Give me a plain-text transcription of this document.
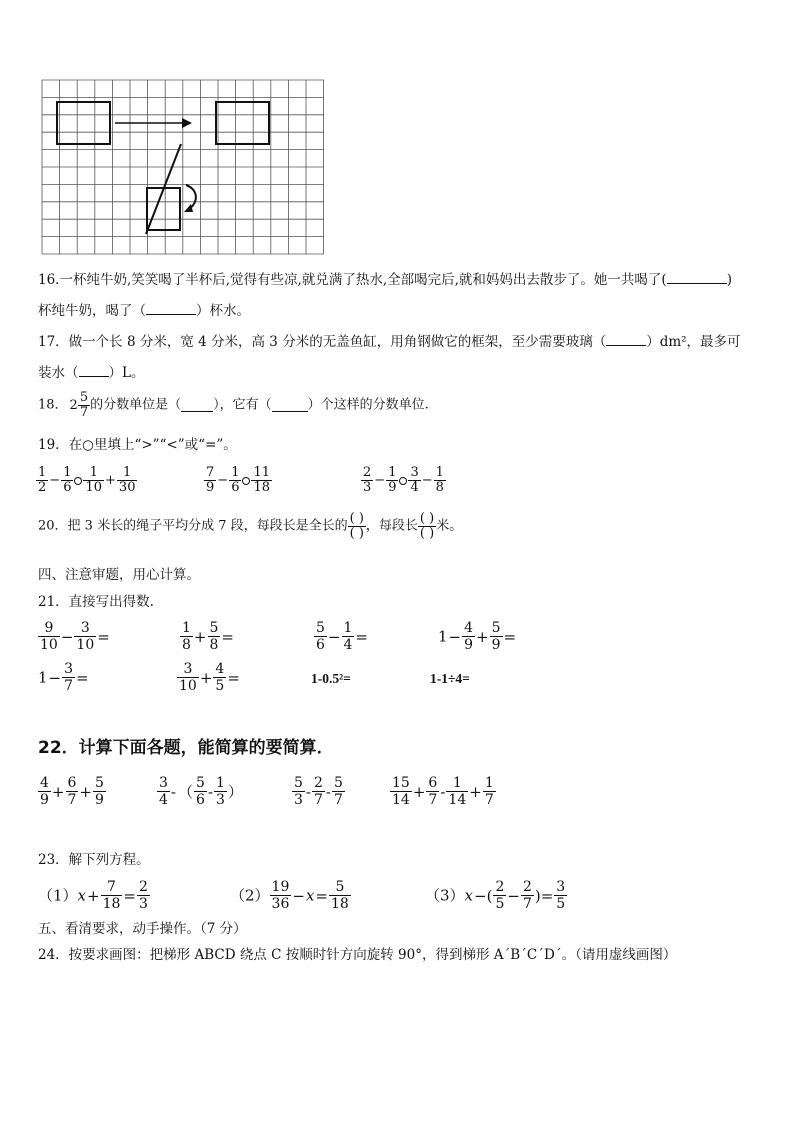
16.一杯纯牛奶,笑笑喝了半杯后,觉得有些凉,就兑满了热水,全部喝完后,就和妈妈出去散步了。她一共喝了(	)
杯纯牛奶，喝了（	）杯水。
17．做一个长 8 分米，宽 4 分米，高 3 分米的无盖鱼缸，用角钢做它的框架，至少需要玻璃（	）dm²，最多可
装水（ ）L。
18． $2 \frac{5}{7}$ 的分数单位是（ ），它有（	）个这样的分数单位.
19．在○里填上“>”“<”或“=”。
$\frac{1}{2} - \frac{1}{6} \frac{1}{10} + \frac{1}{30}$	$\frac{7}{9} - \frac{1}{6} \frac{11}{18}$	$\frac{2}{3} - \frac{1}{9} \frac{3}{4} - \frac{1}{8}$
20．把 3 米长的绳子平均分成 7 段，每段长是全长的 $\frac{( )}{( )}$ ，每段长 $\frac{( )}{( )}$ 米。
四、注意审题，用心计算。
21．直接写出得数.
$\frac{9}{10} - \frac{3}{10}$ =	$\frac{1}{8} + \frac{5}{8}$ =	$\frac{5}{6} - \frac{1}{4}$ =	$1- \frac{4}{9} + \frac{5}{9}$ =
$1- \frac{3}{7}$ =	$\frac{3}{10} + \frac{4}{5}$ =	1-0.5²=	1-1÷4=
22．计算下面各题，能简算的要简算．
$\frac{4}{9} + \frac{6}{7} + \frac{5}{9}$	$\frac{3}{4}$ - （ $\frac{5}{6} - \frac{1}{3}$ ）	$\frac{5}{3} - \frac{2}{7} - \frac{5}{7}$	$\frac{15}{14} + \frac{6}{7} - \frac{1}{14} + \frac{1}{7}$
23．解下列方程。
$(1)x+ \frac{7}{18} = \frac{2}{3}$	$(2) \frac{19}{36} -x= \frac{5}{18}$	$(3)x-( \frac{2}{5} - \frac{2}{7}$ )= $\frac{3}{5}$
五、看清要求，动手操作。（7 分）
24．按要求画图：把梯形 ABCD 绕点 C 按顺时针方向旋转 90°，得到梯形 A´B´C´D´。（请用虚线画图）
